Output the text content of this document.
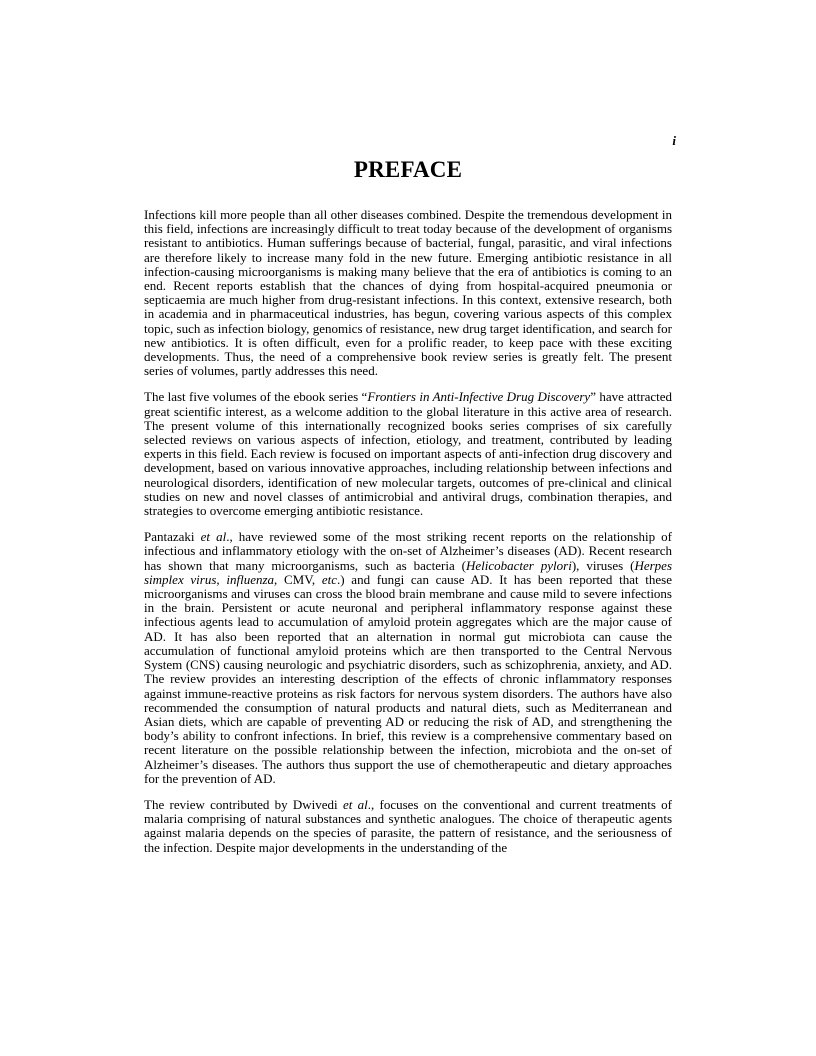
i
PREFACE

Infections kill more people than all other diseases combined. Despite the tremendous development in this field, infections are increasingly difficult to treat today because of the development of organisms resistant to antibiotics. Human sufferings because of bacterial, fungal, parasitic, and viral infections are therefore likely to increase many fold in the new future. Emerging antibiotic resistance in all infection-causing microorganisms is making many believe that the era of antibiotics is coming to an end. Recent reports establish that the chances of dying from hospital-acquired pneumonia or septicaemia are much higher from drug-resistant infections. In this context, extensive research, both in academia and in pharmaceutical industries, has begun, covering various aspects of this complex topic, such as infection biology, genomics of resistance, new drug target identification, and search for new antibiotics. It is often difficult, even for a prolific reader, to keep pace with these exciting developments. Thus, the need of a comprehensive book review series is greatly felt. The present series of volumes, partly addresses this need.

The last five volumes of the ebook series “Frontiers in Anti-Infective Drug Discovery” have attracted great scientific interest, as a welcome addition to the global literature in this active area of research. The present volume of this internationally recognized books series comprises of six carefully selected reviews on various aspects of infection, etiology, and treatment, contributed by leading experts in this field. Each review is focused on important aspects of anti-infection drug discovery and development, based on various innovative approaches, including relationship between infections and neurological disorders, identification of new molecular targets, outcomes of pre-clinical and clinical studies on new and novel classes of antimicrobial and antiviral drugs, combination therapies, and strategies to overcome emerging antibiotic resistance.

Pantazaki et al., have reviewed some of the most striking recent reports on the relationship of infectious and inflammatory etiology with the on-set of Alzheimer’s diseases (AD). Recent research has shown that many microorganisms, such as bacteria (Helicobacter pylori), viruses (Herpes simplex virus, influenza, CMV, etc.) and fungi can cause AD. It has been reported that these microorganisms and viruses can cross the blood brain membrane and cause mild to severe infections in the brain. Persistent or acute neuronal and peripheral inflammatory response against these infectious agents lead to accumulation of amyloid protein aggregates which are the major cause of AD. It has also been reported that an alternation in normal gut microbiota can cause the accumulation of functional amyloid proteins which are then transported to the Central Nervous System (CNS) causing neurologic and psychiatric disorders, such as schizophrenia, anxiety, and AD. The review provides an interesting description of the effects of chronic inflammatory responses against immune-reactive proteins as risk factors for nervous system disorders. The authors have also recommended the consumption of natural products and natural diets, such as Mediterranean and Asian diets, which are capable of preventing AD or reducing the risk of AD, and strengthening the body’s ability to confront infections. In brief, this review is a comprehensive commentary based on recent literature on the possible relationship between the infection, microbiota and the on-set of Alzheimer’s diseases. The authors thus support the use of chemotherapeutic and dietary approaches for the prevention of AD.

The review contributed by Dwivedi et al., focuses on the conventional and current treatments of malaria comprising of natural substances and synthetic analogues. The choice of therapeutic agents against malaria depends on the species of parasite, the pattern of resistance, and the seriousness of the infection. Despite major developments in the understanding of the
